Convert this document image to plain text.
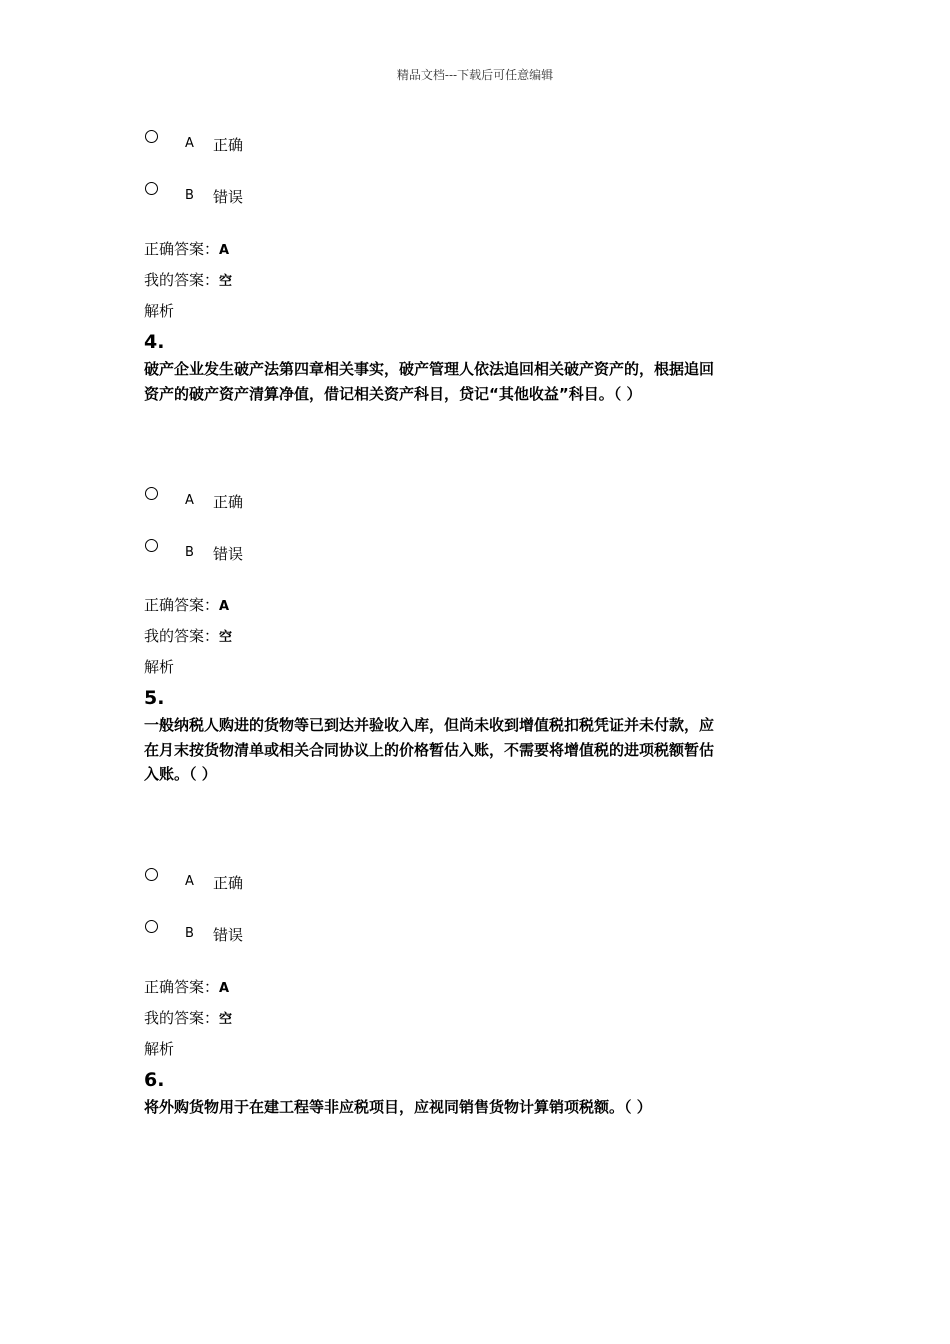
精品文档---下载后可任意编辑
A 正确
B 错误
正确答案：A
我的答案：空
解析
4.
破产企业发生破产法第四章相关事实，破产管理人依法追回相关破产资产的，根据追回
资产的破产资产清算净值，借记相关资产科目，贷记“其他收益”科目。（ ）
A 正确
B 错误
正确答案：A
我的答案：空
解析
5.
一般纳税人购进的货物等已到达并验收入库，但尚未收到增值税扣税凭证并未付款，应
在月末按货物清单或相关合同协议上的价格暂估入账，不需要将增值税的进项税额暂估
入账。（ ）
A 正确
B 错误
正确答案：A
我的答案：空
解析
6.
将外购货物用于在建工程等非应税项目，应视同销售货物计算销项税额。（ ）
